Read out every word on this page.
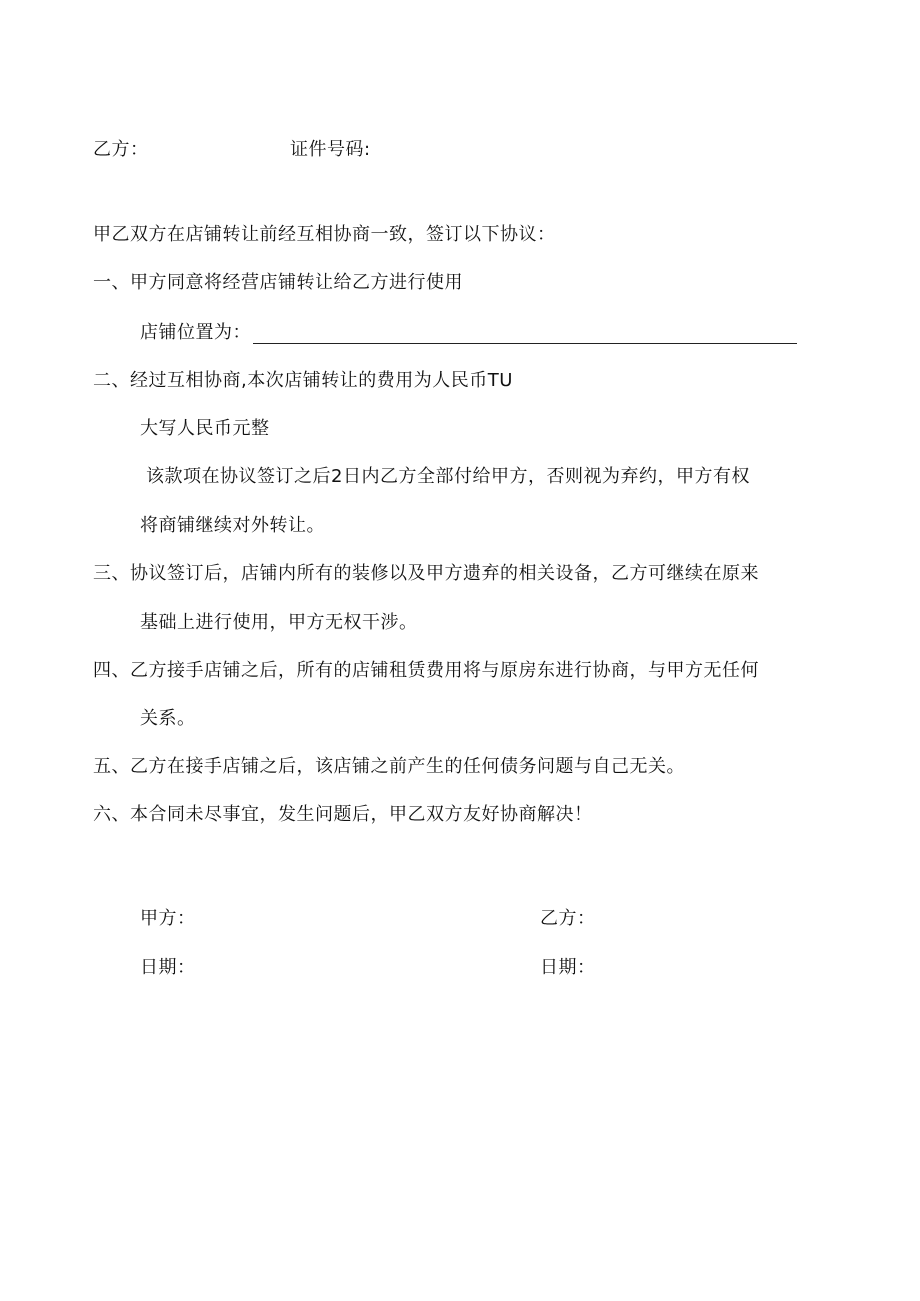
乙方：	证件号码:
甲乙双方在店铺转让前经互相协商一致，签订以下协议：
一、甲方同意将经营店铺转让给乙方进行使用
店铺位置为：
二、经过互相协商,本次店铺转让的费用为人民币TU
大写人民币元整
该款项在协议签订之后2日内乙方全部付给甲方，否则视为弃约，甲方有权
将商铺继续对外转让。
三、协议签订后，店铺内所有的装修以及甲方遗弃的相关设备，乙方可继续在原来
基础上进行使用，甲方无权干涉。
四、乙方接手店铺之后，所有的店铺租赁费用将与原房东进行协商，与甲方无任何
关系。
五、乙方在接手店铺之后，该店铺之前产生的任何债务问题与自己无关。
六、本合同未尽事宜，发生问题后，甲乙双方友好协商解决！
甲方：	乙方：
日期：	日期：
